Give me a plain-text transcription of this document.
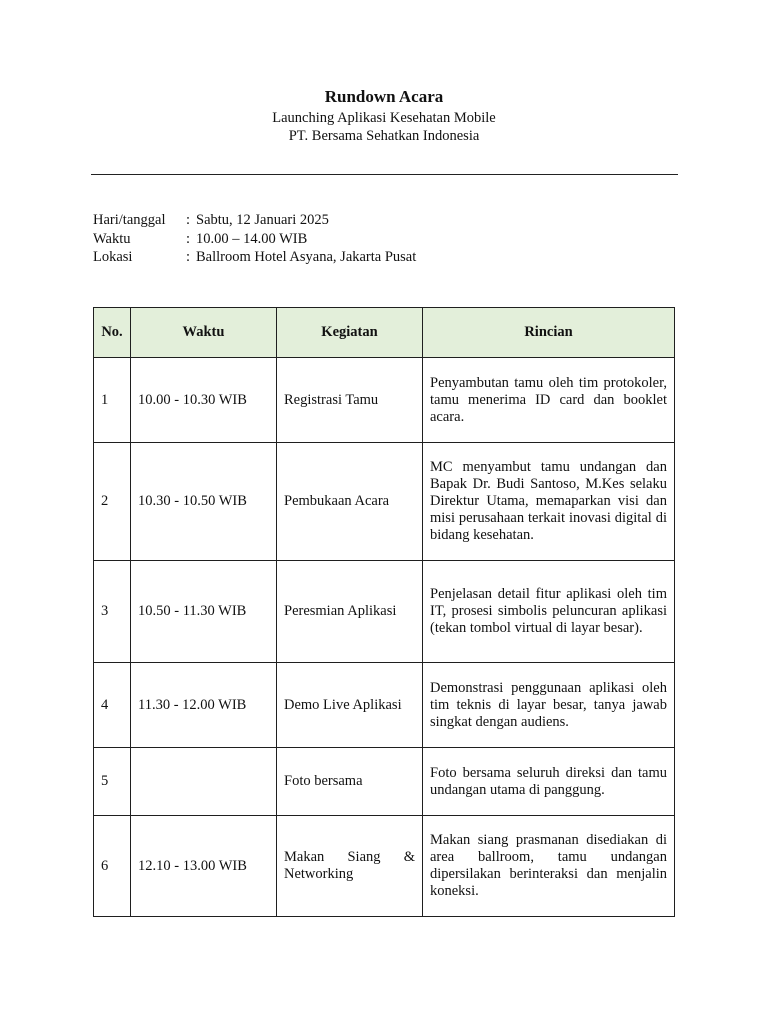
Rundown Acara
Launching Aplikasi Kesehatan Mobile
PT. Bersama Sehatkan Indonesia
Hari/tanggal	: Sabtu, 12 Januari 2025
Waktu	: 10.00 – 14.00 WIB
Lokasi	: Ballroom Hotel Asyana, Jakarta Pusat
No.	Waktu	Kegiatan	Rincian
1	10.00 - 10.30 WIB	Registrasi Tamu	Penyambutan tamu oleh tim protokoler, tamu menerima ID card dan booklet acara.
2	10.30 - 10.50 WIB	Pembukaan Acara	MC menyambut tamu undangan dan Bapak Dr. Budi Santoso, M.Kes selaku Direktur Utama, memaparkan visi dan misi perusahaan terkait inovasi digital di bidang kesehatan.
3	10.50 - 11.30 WIB	Peresmian Aplikasi	Penjelasan detail fitur aplikasi oleh tim IT, prosesi simbolis peluncuran aplikasi (tekan tombol virtual di layar besar).
4	11.30 - 12.00 WIB	Demo Live Aplikasi	Demonstrasi penggunaan aplikasi oleh tim teknis di layar besar, tanya jawab singkat dengan audiens.
5		Foto bersama	Foto bersama seluruh direksi dan tamu undangan utama di panggung.
6	12.10 - 13.00 WIB	Makan Siang & Networking	Makan siang prasmanan disediakan di area ballroom, tamu undangan dipersilakan berinteraksi dan menjalin koneksi.
